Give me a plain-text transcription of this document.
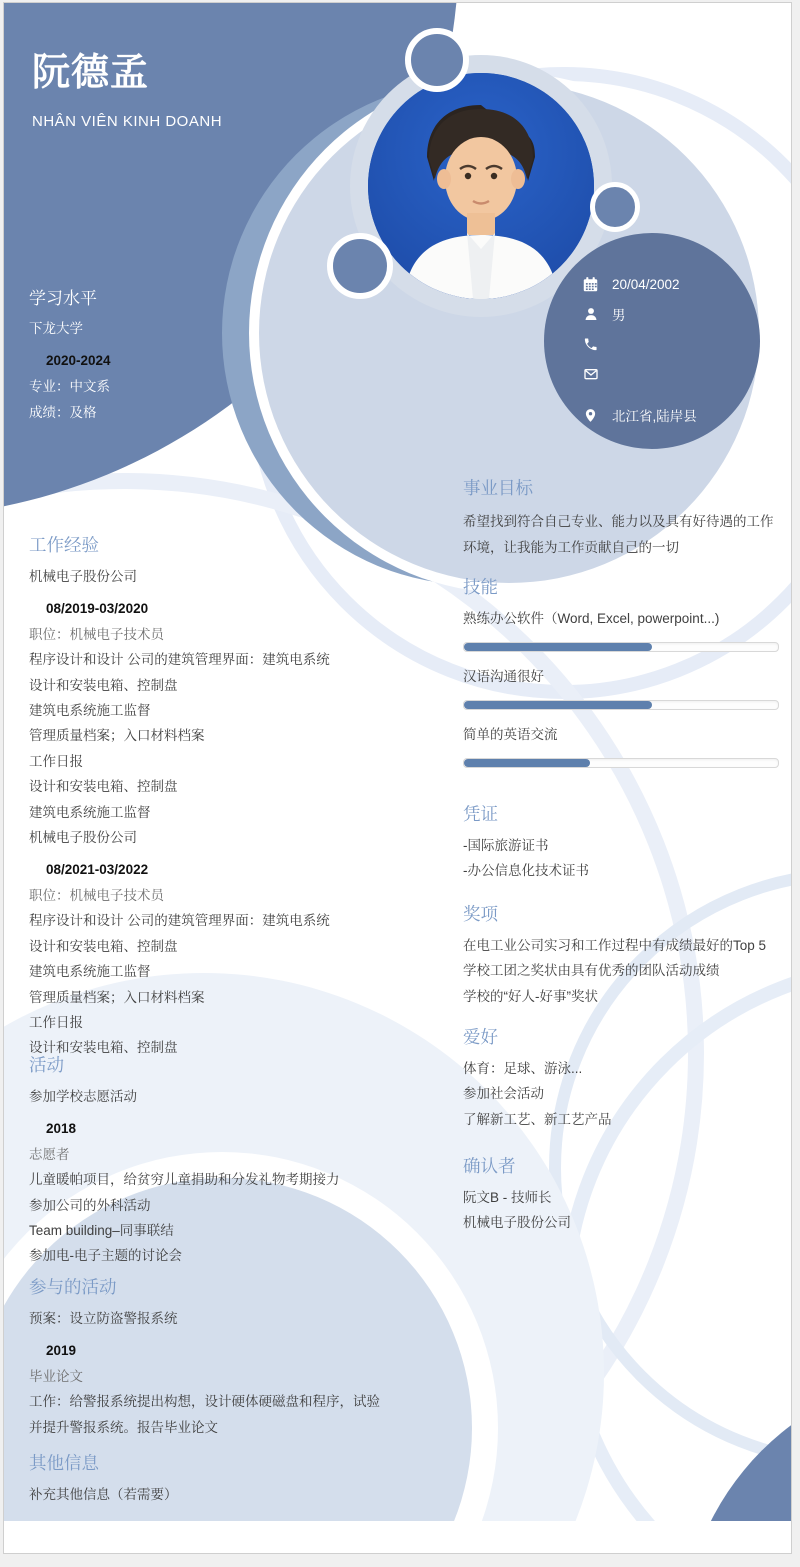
阮德孟
NHÂN VIÊN KINH DOANH
20/04/2002
男
北江省,陆岸县
学习水平
下龙大学
2020-2024
专业：中文系
成绩：及格
工作经验
机械电子股份公司
08/2019-03/2020
职位：机械电子技术员
程序设计和设计 公司的建筑管理界面：建筑电系统
设计和安装电箱、控制盘
建筑电系统施工监督
管理质量档案；入口材料档案
工作日报
设计和安装电箱、控制盘
建筑电系统施工监督
机械电子股份公司
08/2021-03/2022
职位：机械电子技术员
程序设计和设计 公司的建筑管理界面：建筑电系统
设计和安装电箱、控制盘
建筑电系统施工监督
管理质量档案；入口材料档案
工作日报
设计和安装电箱、控制盘
活动
参加学校志愿活动
2018
志愿者
儿童暖帕项目，给贫穷儿童捐助和分发礼物考期接力
参加公司的外科活动
Team building–同事联结
参加电-电子主题的讨论会
参与的活动
预案：设立防盗警报系统
2019
毕业论文
工作：给警报系统提出构想，设计硬体硬磁盘和程序，试验
并提升警报系统。报告毕业论文
其他信息
补充其他信息（若需要）
事业目标
希望找到符合自己专业、能力以及具有好待遇的工作环境，让我能为工作贡献自己的一切
技能
熟练办公软件（Word, Excel, powerpoint...)
汉语沟通很好
简单的英语交流
凭证
-国际旅游证书
-办公信息化技术证书
奖项
在电工业公司实习和工作过程中有成绩最好的Top 5
学校工团之奖状由具有优秀的团队活动成绩
学校的“好人-好事”奖状
爱好
体育：足球、游泳...
参加社会活动
了解新工艺、新工艺产品
确认者
阮文B - 技师长
机械电子股份公司
